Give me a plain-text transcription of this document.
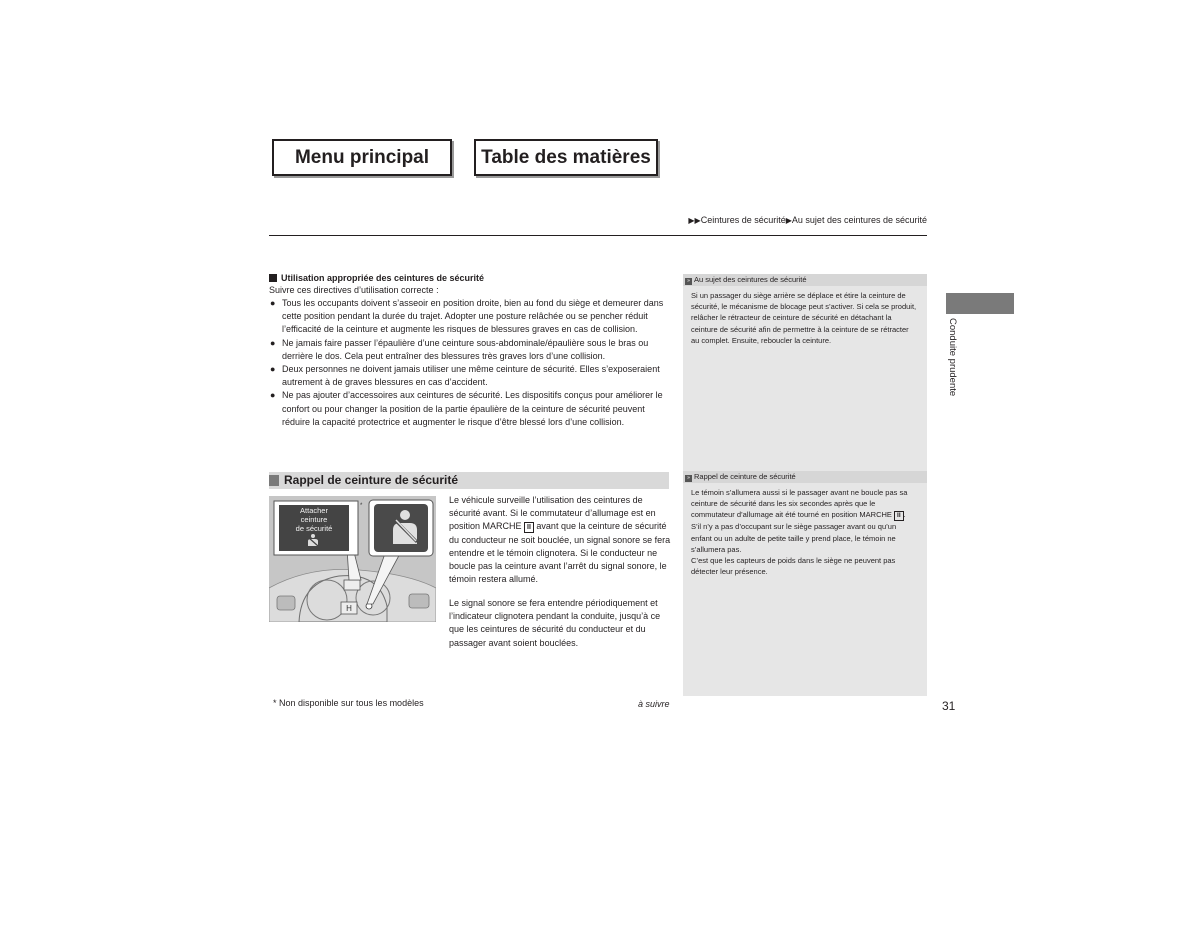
Menu principal	Table des matières
▶▶Ceintures de sécurité▶Au sujet des ceintures de sécurité
Utilisation appropriée des ceintures de sécurité
Suivre ces directives d’utilisation correcte :
● Tous les occupants doivent s’asseoir en position droite, bien au fond du siège et demeurer dans cette position pendant la durée du trajet. Adopter une posture relâchée ou se pencher réduit l’efficacité de la ceinture et augmente les risques de blessures graves en cas de collision.
● Ne jamais faire passer l’épaulière d’une ceinture sous-abdominale/épaulière sous le bras ou derrière le dos. Cela peut entraîner des blessures très graves lors d’une collision.
● Deux personnes ne doivent jamais utiliser une même ceinture de sécurité. Elles s’exposeraient autrement à de graves blessures en cas d’accident.
● Ne pas ajouter d’accessoires aux ceintures de sécurité. Les dispositifs conçus pour améliorer le confort ou pour changer la position de la partie épaulière de la ceinture de sécurité peuvent réduire la capacité protectrice et augmenter le risque d’être blessé lors d’une collision.
Rappel de ceinture de sécurité
H
Attacher
ceinture
de sécurité
*
Le véhicule surveille l’utilisation des ceintures de sécurité avant. Si le commutateur d’allumage est en position MARCHE II avant que la ceinture de sécurité du conducteur ne soit bouclée, un signal sonore se fera entendre et le témoin clignotera. Si le conducteur ne boucle pas la ceinture avant l’arrêt du signal sonore, le témoin restera allumé.
Le signal sonore se fera entendre périodiquement et l’indicateur clignotera pendant la conduite, jusqu’à ce que les ceintures de sécurité du conducteur et du passager avant soient bouclées.
» Au sujet des ceintures de sécurité
Si un passager du siège arrière se déplace et étire la ceinture de sécurité, le mécanisme de blocage peut s’activer. Si cela se produit, relâcher le rétracteur de ceinture de sécurité en détachant la ceinture de sécurité afin de permettre à la ceinture de se rétracter au complet. Ensuite, reboucler la ceinture.
» Rappel de ceinture de sécurité
Le témoin s’allumera aussi si le passager avant ne boucle pas sa ceinture de sécurité dans les six secondes après que le commutateur d’allumage ait été tourné en position MARCHE II .
S’il n’y a pas d’occupant sur le siège passager avant ou qu’un enfant ou un adulte de petite taille y prend place, le témoin ne s’allumera pas.
C’est que les capteurs de poids dans le siège ne peuvent pas détecter leur présence.
Conduite prudente
* Non disponible sur tous les modèles	à suivre	31
